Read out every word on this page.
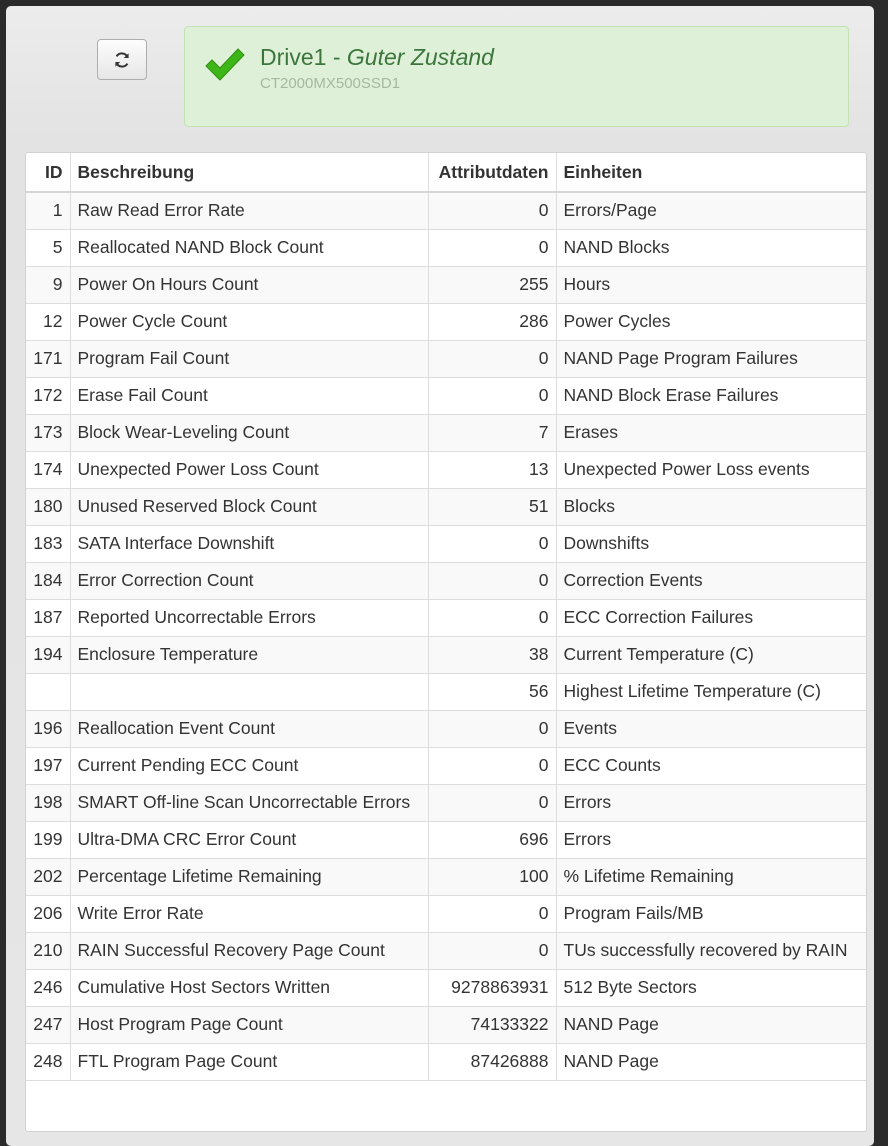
Drive1 - Guter Zustand
CT2000MX500SSD1
ID	Beschreibung	Attributdaten	Einheiten
1	Raw Read Error Rate	0	Errors/Page
5	Reallocated NAND Block Count	0	NAND Blocks
9	Power On Hours Count	255	Hours
12	Power Cycle Count	286	Power Cycles
171	Program Fail Count	0	NAND Page Program Failures
172	Erase Fail Count	0	NAND Block Erase Failures
173	Block Wear-Leveling Count	7	Erases
174	Unexpected Power Loss Count	13	Unexpected Power Loss events
180	Unused Reserved Block Count	51	Blocks
183	SATA Interface Downshift	0	Downshifts
184	Error Correction Count	0	Correction Events
187	Reported Uncorrectable Errors	0	ECC Correction Failures
194	Enclosure Temperature	38	Current Temperature (C)
		56	Highest Lifetime Temperature (C)
196	Reallocation Event Count	0	Events
197	Current Pending ECC Count	0	ECC Counts
198	SMART Off-line Scan Uncorrectable Errors	0	Errors
199	Ultra-DMA CRC Error Count	696	Errors
202	Percentage Lifetime Remaining	100	% Lifetime Remaining
206	Write Error Rate	0	Program Fails/MB
210	RAIN Successful Recovery Page Count	0	TUs successfully recovered by RAIN
246	Cumulative Host Sectors Written	9278863931	512 Byte Sectors
247	Host Program Page Count	74133322	NAND Page
248	FTL Program Page Count	87426888	NAND Page
